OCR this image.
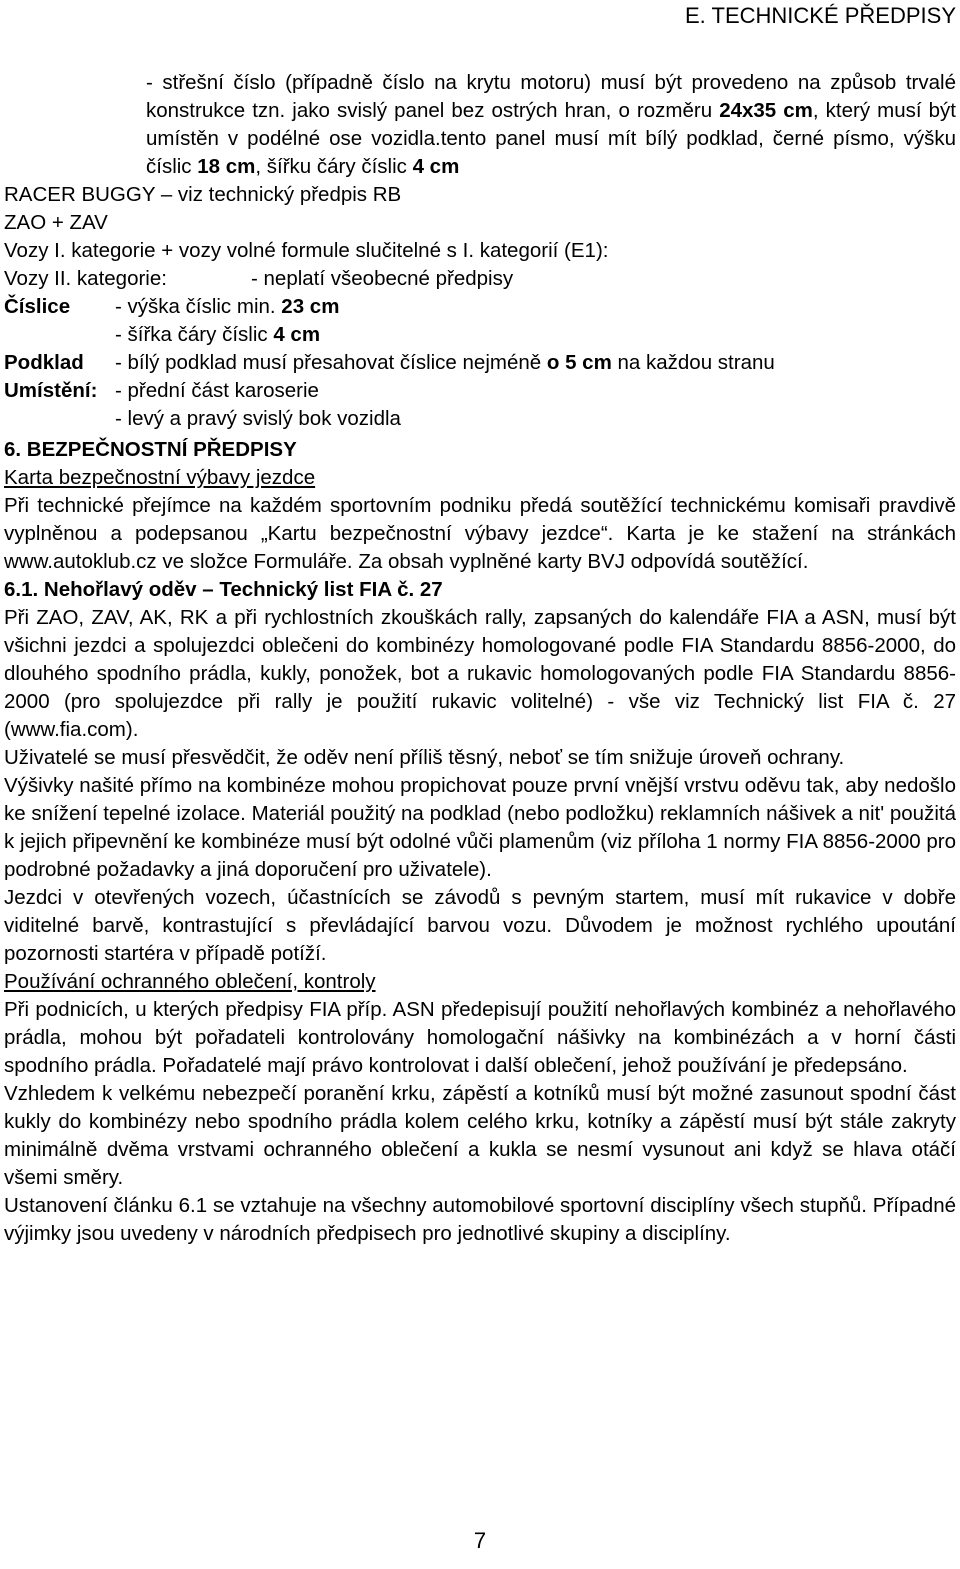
E. TECHNICKÉ PŘEDPISY
- střešní číslo (případně číslo na krytu motoru) musí být provedeno na způsob trvalé konstrukce tzn. jako svislý panel bez ostrých hran, o rozměru 24x35 cm, který musí být umístěn v podélné ose vozidla.tento panel musí mít bílý podklad, černé písmo, výšku číslic 18 cm, šířku čáry číslic 4 cm
RACER BUGGY – viz technický předpis RB
ZAO + ZAV
Vozy I. kategorie + vozy volné formule slučitelné s I. kategorií (E1):
Vozy II. kategorie:	- neplatí všeobecné předpisy
Číslice	- výška číslic min. 23 cm
- šířka čáry číslic 4 cm
Podklad	- bílý podklad musí přesahovat číslice nejméně o 5 cm na každou stranu
Umístění: - přední část karoserie
- levý a pravý svislý bok vozidla
6. BEZPEČNOSTNÍ PŘEDPISY
Karta bezpečnostní výbavy jezdce
Při technické přejímce na každém sportovním podniku předá soutěžící technickému komisaři pravdivě vyplněnou a podepsanou „Kartu bezpečnostní výbavy jezdce“. Karta je ke stažení na stránkách www.autoklub.cz ve složce Formuláře. Za obsah vyplněné karty BVJ odpovídá soutěžící.
6.1. Nehořlavý oděv – Technický list FIA č. 27
Při ZAO, ZAV, AK, RK a při rychlostních zkouškách rally, zapsaných do kalendáře FIA a ASN, musí být všichni jezdci a spolujezdci oblečeni do kombinézy homologované podle FIA Standardu 8856-2000, do dlouhého spodního prádla, kukly, ponožek, bot a rukavic homologovaných podle FIA Standardu 8856-2000 (pro spolujezdce při rally je použití rukavic volitelné) - vše viz Technický list FIA č. 27 (www.fia.com).
Uživatelé se musí přesvědčit, že oděv není příliš těsný, neboť se tím snižuje úroveň ochrany.
Výšivky našité přímo na kombinéze mohou propichovat pouze první vnější vrstvu oděvu tak, aby nedošlo ke snížení tepelné izolace. Materiál použitý na podklad (nebo podložku) reklamních nášivek a nit' použitá k jejich připevnění ke kombinéze musí být odolné vůči plamenům (viz příloha 1 normy FIA 8856-2000 pro podrobné požadavky a jiná doporučení pro uživatele).
Jezdci v otevřených vozech, účastnících se závodů s pevným startem, musí mít rukavice v dobře viditelné barvě, kontrastující s převládající barvou vozu. Důvodem je možnost rychlého upoutání pozornosti startéra v případě potíží.
Používání ochranného oblečení, kontroly
Při podnicích, u kterých předpisy FIA příp. ASN předepisují použití nehořlavých kombinéz a nehořlavého prádla, mohou být pořadateli kontrolovány homologační nášivky na kombinézách a v horní části spodního prádla. Pořadatelé mají právo kontrolovat i další oblečení, jehož používání je předepsáno.
Vzhledem k velkému nebezpečí poranění krku, zápěstí a kotníků musí být možné zasunout spodní část kukly do kombinézy nebo spodního prádla kolem celého krku, kotníky a zápěstí musí být stále zakryty minimálně dvěma vrstvami ochranného oblečení a kukla se nesmí vysunout ani když se hlava otáčí všemi směry.
Ustanovení článku 6.1 se vztahuje na všechny automobilové sportovní disciplíny všech stupňů. Případné výjimky jsou uvedeny v národních předpisech pro jednotlivé skupiny a disciplíny.
7
